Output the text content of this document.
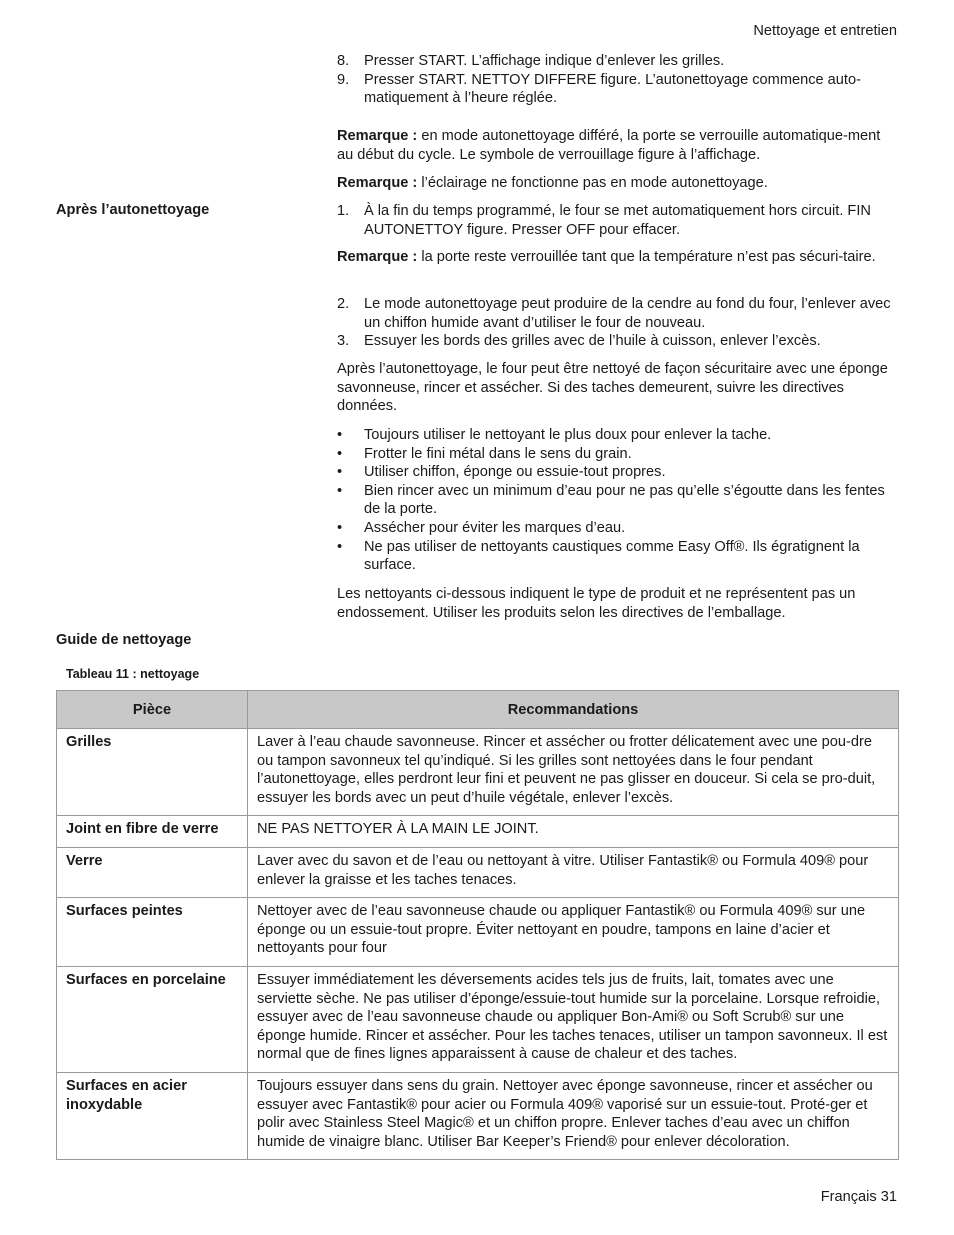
Nettoyage et entretien
8. Presser START. L’affichage indique d’enlever les grilles.
9. Presser START. NETTOY DIFFERE figure. L’autonettoyage commence auto-matiquement à l’heure réglée.

Remarque : en mode autonettoyage différé, la porte se verrouille automatique-ment au début du cycle. Le symbole de verrouillage figure à l’affichage.

Remarque : l’éclairage ne fonctionne pas en mode autonettoyage.

Après l’autonettoyage	1. À la fin du temps programmé, le four se met automatiquement hors circuit. FIN AUTONETTOY figure. Presser OFF pour effacer.

Remarque : la porte reste verrouillée tant que la température n’est pas sécuri-taire.

2. Le mode autonettoyage peut produire de la cendre au fond du four, l’enlever avec un chiffon humide avant d’utiliser le four de nouveau.
3. Essuyer les bords des grilles avec de l’huile à cuisson, enlever l’excès.

Après l’autonettoyage, le four peut être nettoyé de façon sécuritaire avec une éponge savonneuse, rincer et assécher. Si des taches demeurent, suivre les directives données.

• Toujours utiliser le nettoyant le plus doux pour enlever la tache.
• Frotter le fini métal dans le sens du grain.
• Utiliser chiffon, éponge ou essuie-tout propres.
• Bien rincer avec un minimum d’eau pour ne pas qu’elle s’égoutte dans les fentes de la porte.
• Assécher pour éviter les marques d’eau.
• Ne pas utiliser de nettoyants caustiques comme Easy Off®. Ils égratignent la surface.

Les nettoyants ci-dessous indiquent le type de produit et ne représentent pas un endossement. Utiliser les produits selon les directives de l’emballage.

Guide de nettoyage
Tableau 11 : nettoyage
Pièce	Recommandations
Grilles	Laver à l’eau chaude savonneuse. Rincer et assécher ou frotter délicatement avec une pou-dre ou tampon savonneux tel qu’indiqué. Si les grilles sont nettoyées dans le four pendant l’autonettoyage, elles perdront leur fini et peuvent ne pas glisser en douceur. Si cela se pro-duit, essuyer les bords avec un peut d’huile végétale, enlever l’excès.
Joint en fibre de verre	NE PAS NETTOYER À LA MAIN LE JOINT.
Verre	Laver avec du savon et de l’eau ou nettoyant à vitre. Utiliser Fantastik® ou Formula 409® pour enlever la graisse et les taches tenaces.
Surfaces peintes	Nettoyer avec de l’eau savonneuse chaude ou appliquer Fantastik® ou Formula 409® sur une éponge ou un essuie-tout propre. Éviter nettoyant en poudre, tampons en laine d’acier et nettoyants pour four
Surfaces en porcelaine	Essuyer immédiatement les déversements acides tels jus de fruits, lait, tomates avec une serviette sèche. Ne pas utiliser d’éponge/essuie-tout humide sur la porcelaine. Lorsque refroidie, essuyer avec de l’eau savonneuse chaude ou appliquer Bon-Ami® ou Soft Scrub® sur une éponge humide. Rincer et assécher. Pour les taches tenaces, utiliser un tampon savonneux. Il est normal que de fines lignes apparaissent à cause de chaleur et des taches.
Surfaces en acier inoxydable	Toujours essuyer dans sens du grain. Nettoyer avec éponge savonneuse, rincer et assécher ou essuyer avec Fantastik® pour acier ou Formula 409® vaporisé sur un essuie-tout. Proté-ger et polir avec Stainless Steel Magic® et un chiffon propre. Enlever taches d’eau avec un chiffon humide de vinaigre blanc. Utiliser Bar Keeper’s Friend® pour enlever décoloration.
Français 31
